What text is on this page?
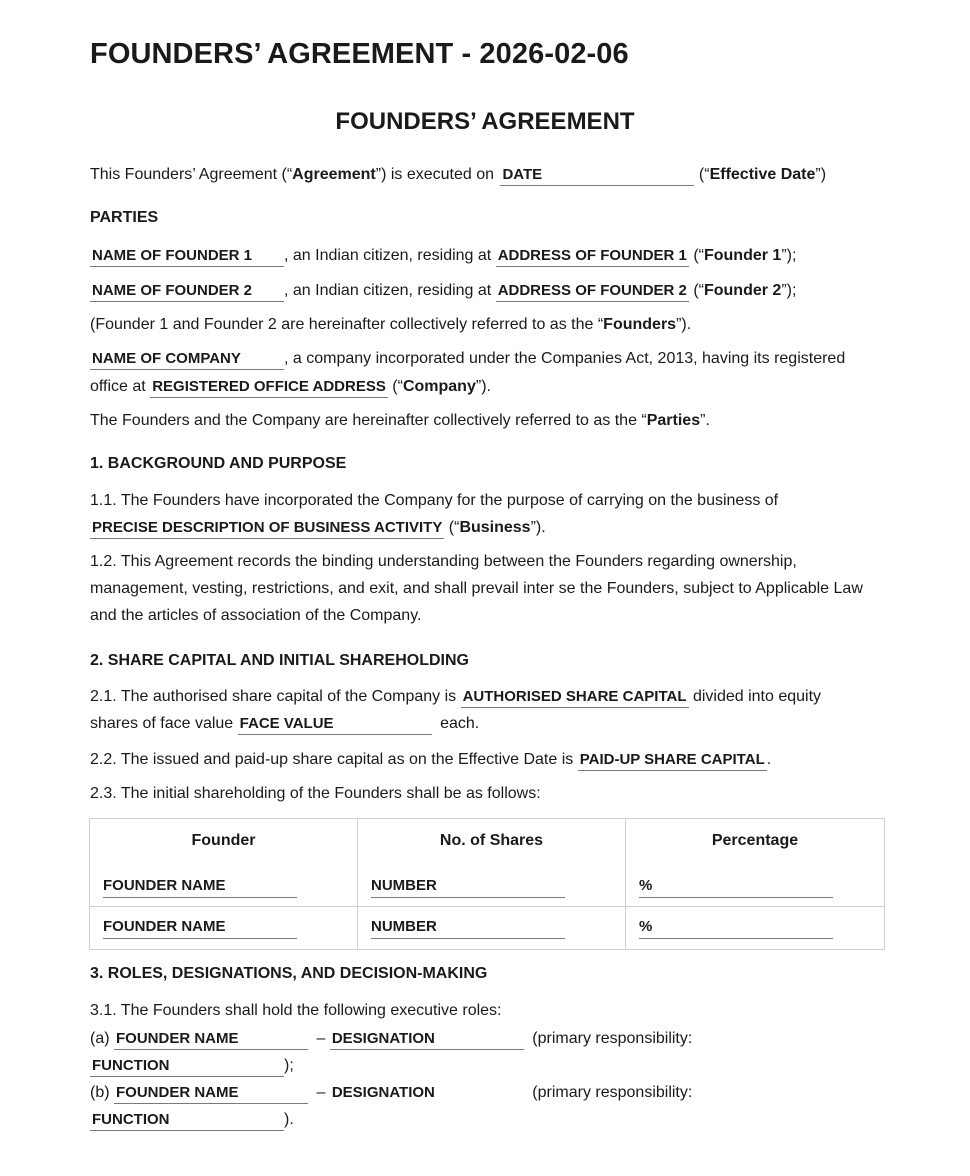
FOUNDERS’ AGREEMENT - 2026-02-06
FOUNDERS’ AGREEMENT
This Founders’ Agreement (“Agreement”) is executed on DATE	(“Effective Date”)
PARTIES
NAME OF FOUNDER 1 , an Indian citizen, residing at ADDRESS OF FOUNDER 1 (“Founder 1”);
NAME OF FOUNDER 2 , an Indian citizen, residing at ADDRESS OF FOUNDER 2 (“Founder 2”);
(Founder 1 and Founder 2 are hereinafter collectively referred to as the “Founders”).
NAME OF COMPANY	, a company incorporated under the Companies Act, 2013, having its registered
office at REGISTERED OFFICE ADDRESS (“Company”).
The Founders and the Company are hereinafter collectively referred to as the “Parties”.
1. BACKGROUND AND PURPOSE
1.1. The Founders have incorporated the Company for the purpose of carrying on the business of
PRECISE DESCRIPTION OF BUSINESS ACTIVITY (“Business”).
1.2. This Agreement records the binding understanding between the Founders regarding ownership, management, vesting, restrictions, and exit, and shall prevail inter se the Founders, subject to Applicable Law and the articles of association of the Company.
2. SHARE CAPITAL AND INITIAL SHAREHOLDING
2.1. The authorised share capital of the Company is AUTHORISED SHARE CAPITAL divided into equity
shares of face value FACE VALUE	each.
2.2. The issued and paid-up share capital as on the Effective Date is PAID-UP SHARE CAPITAL .
2.3. The initial shareholding of the Founders shall be as follows:
Founder	No. of Shares	Percentage

FOUNDER NAME	NUMBER	%

FOUNDER NAME	NUMBER	%
3. ROLES, DESIGNATIONS, AND DECISION-MAKING
3.1. The Founders shall hold the following executive roles:
(a) FOUNDER NAME	– DESIGNATION	(primary responsibility:
FUNCTION	);
(b) FOUNDER NAME	– DESIGNATION	(primary responsibility:
FUNCTION	).
